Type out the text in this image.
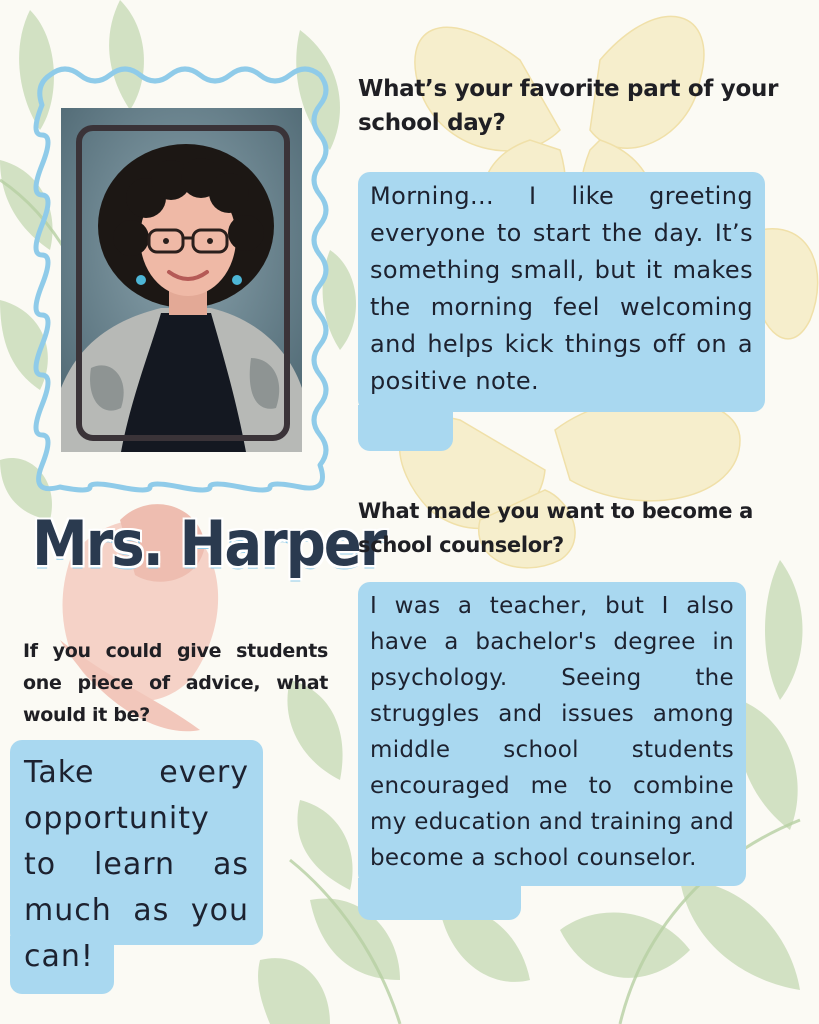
Mrs. Harper
What’s your favorite part of your school day?
Morning... I like greeting everyone to start the day. It’s something small, but it makes the morning feel welcoming and helps kick things off on a positive note.
What made you want to become a school counselor?
I was a teacher, but I also have a bachelor's degree in psychology. Seeing the struggles and issues among middle school students encouraged me to combine my education and training and become a school counselor.
If you could give students one piece of advice, what would it be?
Take every opportunity to learn as much as you can!
